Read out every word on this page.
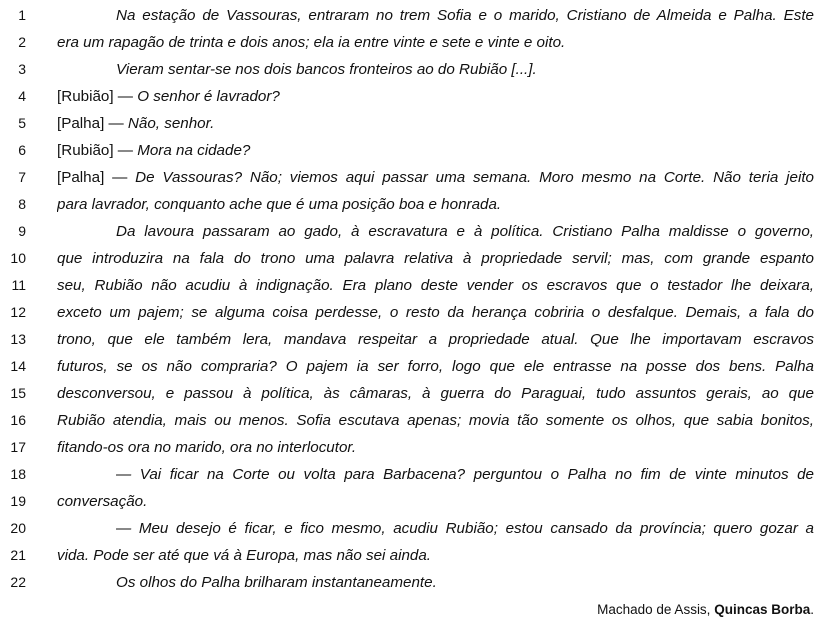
1	Na estação de Vassouras, entraram no trem Sofia e o marido, Cristiano de Almeida e Palha. Este
2 era um rapagão de trinta e dois anos; ela ia entre vinte e sete e vinte e oito.
3	Vieram sentar-se nos dois bancos fronteiros ao do Rubião [...].
4 [Rubião] — O senhor é lavrador?
5 [Palha] — Não, senhor.
6 [Rubião] — Mora na cidade?
7 [Palha] — De Vassouras? Não; viemos aqui passar uma semana. Moro mesmo na Corte. Não teria jeito
8 para lavrador, conquanto ache que é uma posição boa e honrada.
9	Da lavoura passaram ao gado, à escravatura e à política. Cristiano Palha maldisse o governo,
10 que introduzira na fala do trono uma palavra relativa à propriedade servil; mas, com grande espanto
11 seu, Rubião não acudiu à indignação. Era plano deste vender os escravos que o testador lhe deixara,
12 exceto um pajem; se alguma coisa perdesse, o resto da herança cobriria o desfalque. Demais, a fala do
13 trono, que ele também lera, mandava respeitar a propriedade atual. Que lhe importavam escravos
14 futuros, se os não compraria? O pajem ia ser forro, logo que ele entrasse na posse dos bens. Palha
15 desconversou, e passou à política, às câmaras, à guerra do Paraguai, tudo assuntos gerais, ao que
16 Rubião atendia, mais ou menos. Sofia escutava apenas; movia tão somente os olhos, que sabia bonitos,
17 fitando-os ora no marido, ora no interlocutor.
18	— Vai ficar na Corte ou volta para Barbacena? perguntou o Palha no fim de vinte minutos de
19 conversação.
20	— Meu desejo é ficar, e fico mesmo, acudiu Rubião; estou cansado da província; quero gozar a
21 vida. Pode ser até que vá à Europa, mas não sei ainda.
22	Os olhos do Palha brilharam instantaneamente.
Machado de Assis, Quincas Borba.
